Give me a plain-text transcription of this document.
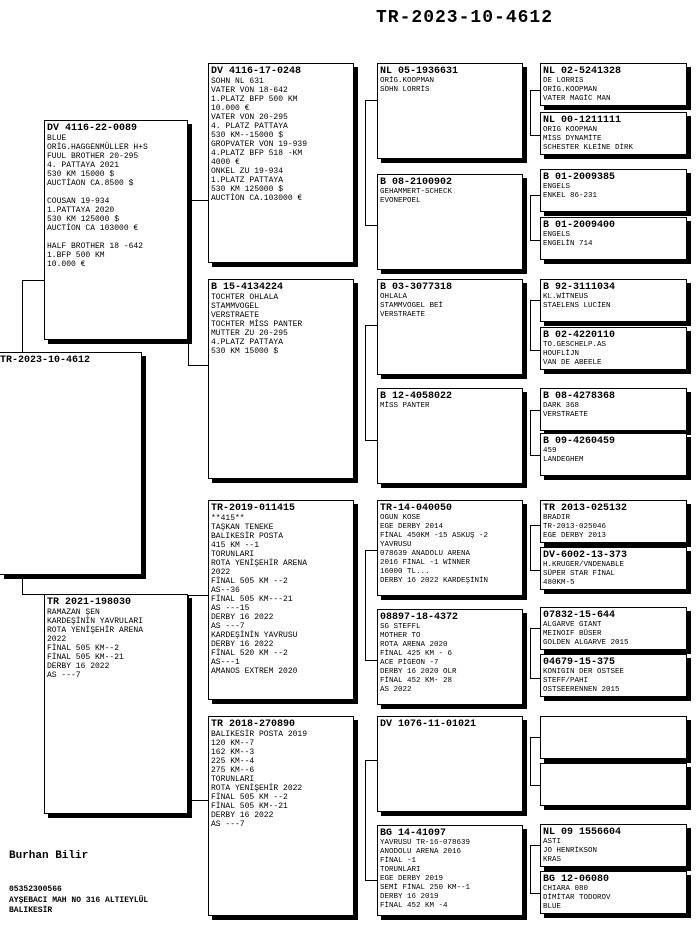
TR-2023-10-4612
TR-2023-10-4612
DV 4116-22-0089
BLUE
ORİG.HAGGENMÜLLER H+S
FUUL BROTHER 20-295
4. PATTAYA 2021
530 KM 15000 $
AUCTİAON CA.8500 $

COUSAN 19-934
1.PATTAYA 2020
530 KM 125000 $
AUCTİON CA 103000 €

HALF BROTHER 18 -642
1.BFP 500 KM
10.000 €
TR 2021-198030
RAMAZAN ŞEN
KARDEŞİNİN YAVRULARI
ROTA YENİŞEHİR ARENA
2022
FİNAL 505 KM--2
FİNAL 505 KM--21
DERBY 16 2022
AS ---7
DV 4116-17-0248
SOHN NL 631
VATER VON 18-642
1.PLATZ BFP 500 KM
10.000 €
VATER VON 20-295
4. PLATZ PATTAYA
530 KM--15000 $
GROPVATER VON 19-939
4.PLATZ BFP 518 -KM
4000 €
ONKEL ZU 19-934
1.PLATZ PATTAYA
530 KM 125000 $
AUCTİON CA.103000 €
B 15-4134224
TOCHTER OHLALA
STAMMVOGEL
VERSTRAETE
TOCHTER MİSS PANTER
MUTTER ZU 20-295
4.PLATZ PATTAYA
530 KM 15000 $
TR-2019-011415
**415**
TAŞKAN TENEKE
BALIKESİR POSTA
415 KM --1
TORUNLARI
ROTA YENİŞEHİR ARENA
2022
FİNAL 505 KM --2
AS--36
FİNAL 505 KM---21
AS ---15
DERBY 16 2022
AS ---7
KARDEŞİNİN YAVRUSU
DERBY 16 2022
FİNAL 520 KM --2
AS---1
AMANOS EXTREM 2020
TR 2018-270890
BALIKESİR POSTA 2019
120 KM--7
162 KM--3
225 KM--4
275 KM--6
TORUNLARI
ROTA YENİŞEHİR 2022
FİNAL 505 KM --2
FİNAL 505 KM--21
DERBY 16 2022
AS ---7
NL 05-1936631
ORİG.KOOPMAN
SOHN LORRİS
B 08-2100902
GEHAMMERT-SCHECK
EVONEPOEL
B 03-3077318
OHLALA
STAMMVOGEL BEİ
VERSTRAETE
B 12-4058022
MİSS PANTER
TR-14-040050
OGUN KOSE
EGE DERBY 2014
FİNAL 450KM -15 ASKUŞ -2
YAVRUSU
078639 ANADOLU ARENA
2016 FİNAL -1 WİNNER
16000 TL...
DERBY 16 2022 KARDEŞİNİN
08897-18-4372
SG STEFFL
MOTHER TO
ROTA ARENA 2020
FİNAL 425 KM - 6
ACE PİGEON -7
DERBY 16 2020 OLR
FİNAL 452 KM- 28
AS 2022
DV 1076-11-01021
BG 14-41097
YAVRUSU TR-16-078639
ANODOLU ARENA 2016
FİNAL -1
TORUNLARI
EGE DERBY 2019
SEMİ FİNAL 250 KM--1
DERBY 16 2019
FİNAL 452 KM -4
NL 02-5241328
DE LORRIS
ORİG.KOOPMAN
VATER MAGİC MAN
NL 00-1211111
ORIG KOOPMAN
MİSS DYNAMİTE
SCHESTER KLEİNE DİRK
B 01-2009385
ENGELS
ENKEL 86-231
B 01-2009400
ENGELS
ENGELİN 714
B 92-3111034
KL.WİTNEUS
STAELENS LUCİEN
B 02-4220110
TO.GESCHELP.AS
HOUFLİJN
VAN DE ABEELE
B 08-4278368
DARK 368
VERSTRAETE
B 09-4260459
459
LANDEGHEM
TR 2013-025132
BRADIR
TR-2013-025046
EGE DERBY 2013
DV-6002-13-373
H.KRUGER/VNDENABLE
SÜPER STAR FİNAL
480KM-5
07832-15-644
ALGARVE GIANT
MEINOIF BÜSER
GOLDEN ALGARVE 2015
04679-15-375
KONIGIN DER OSTSEE
STEFF/PAHI
OSTSEERENNEN 2015
NL 09 1556604
ASTI
JO HENRİKSON
KRAS
BG 12-06080
CHIARA 080
DİMİTAR TODOROV
BLUE
Burhan Bilir
05352300566
AYŞEBACI MAH NO 316 ALTIEYLÜL
BALIKESİR
